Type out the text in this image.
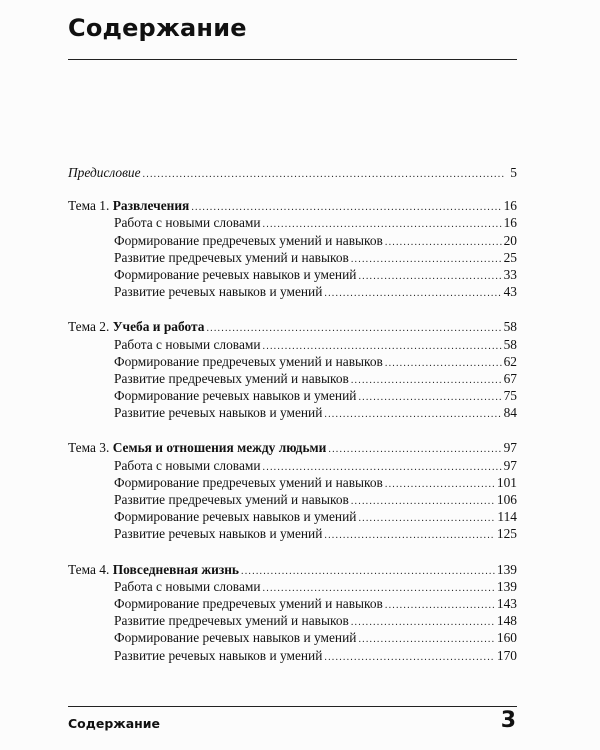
Содержание
Предисловие .....	5
Тема 1. Развлечения .....	16
Работа с новыми словами .....	16
Формирование предречевых умений и навыков .....	20
Развитие предречевых умений и навыков .....	25
Формирование речевых навыков и умений .....	33
Развитие речевых навыков и умений .....	43
Тема 2. Учеба и работа .....	58
Работа с новыми словами .....	58
Формирование предречевых умений и навыков .....	62
Развитие предречевых умений и навыков .....	67
Формирование речевых навыков и умений .....	75
Развитие речевых навыков и умений .....	84
Тема 3. Семья и отношения между людьми .....	97
Работа с новыми словами .....	97
Формирование предречевых умений и навыков .....	101
Развитие предречевых умений и навыков .....	106
Формирование речевых навыков и умений .....	114
Развитие речевых навыков и умений .....	125
Тема 4. Повседневная жизнь .....	139
Работа с новыми словами .....	139
Формирование предречевых умений и навыков .....	143
Развитие предречевых умений и навыков .....	148
Формирование речевых навыков и умений .....	160
Развитие речевых навыков и умений .....	170
Содержание	3
